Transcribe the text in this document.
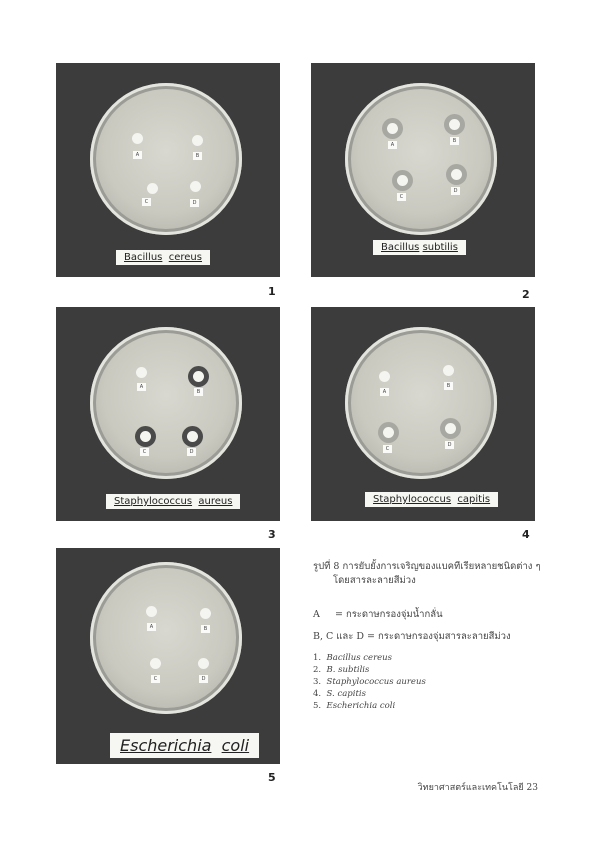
A	B
C	D
Bacillus cereus
1
A
B
C
D
Bacillus subtilis
2
A
B
C	D
Staphylococcus aureus
3
A
B
C
D
Staphylococcus capitis
4
A	B
C	D
Escherichia coli
5

รูปที่ 8 การยับยั้งการเจริญของแบคทีเรียหลายชนิดต่าง ๆ

โดยสารละลายสีม่วง

A     = กระดาษกรองจุ่มน้ำกลั่น

B, C และ D = กระดาษกรองจุ่มสารละลายสีม่วง

1. Bacillus cereus
2. B. subtilis
3. Staphylococcus aureus
4. S. capitis
5. Escherichia coli
วิทยาศาสตร์และเทคโนโลยี 23
